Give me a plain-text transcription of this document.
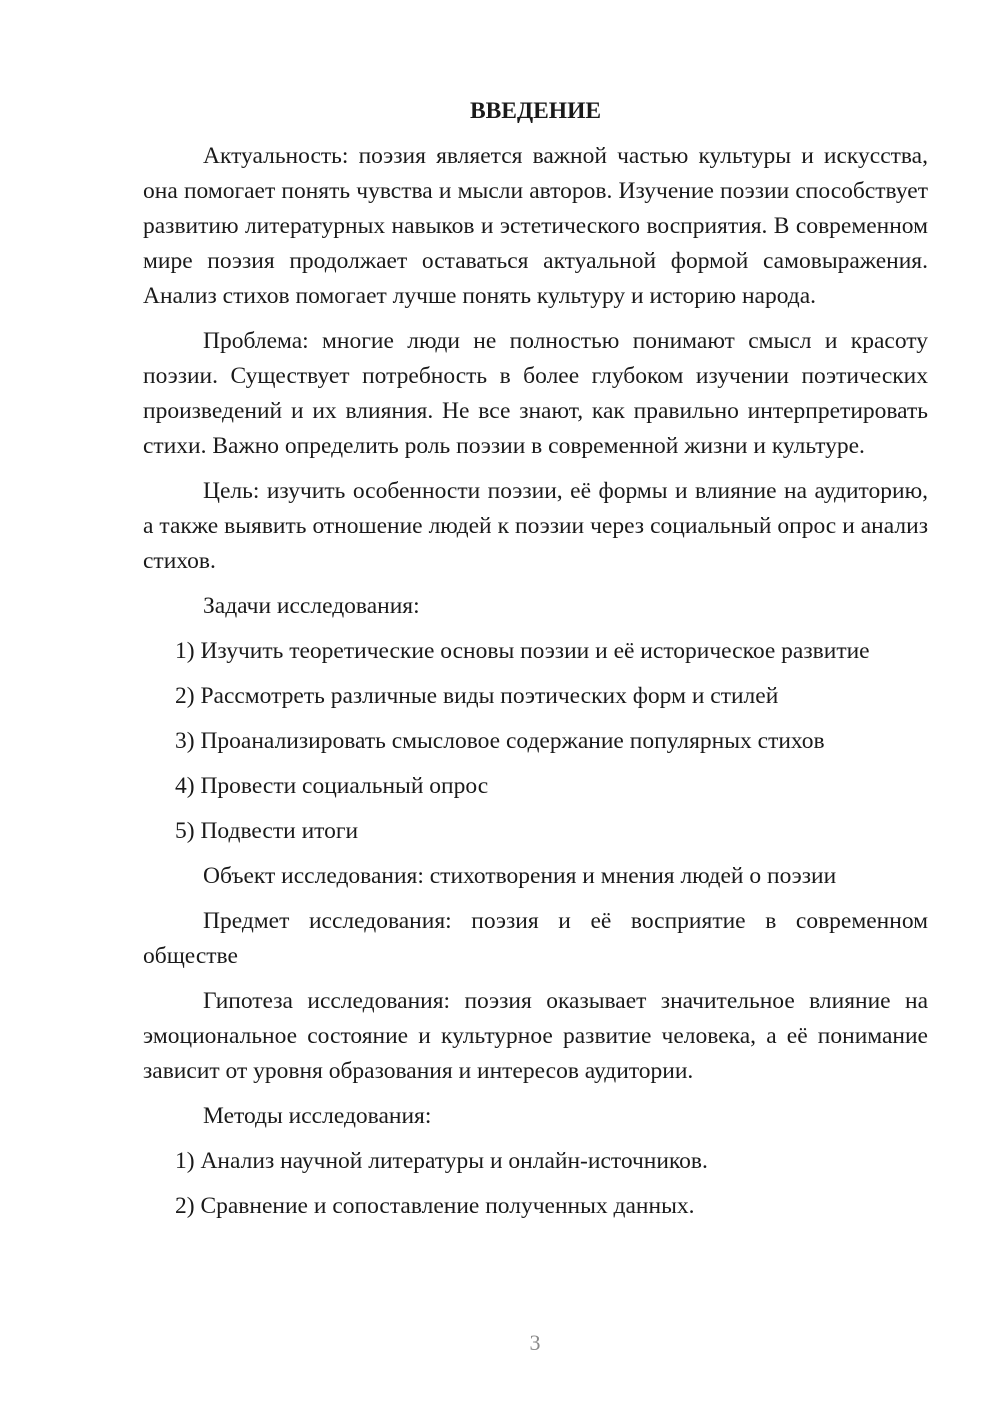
ВВЕДЕНИЕ

Актуальность: поэзия является важной частью культуры и искусства, она помогает понять чувства и мысли авторов. Изучение поэзии способствует развитию литературных навыков и эстетического восприятия. В современном мире поэзия продолжает оставаться актуальной формой самовыражения. Анализ стихов помогает лучше понять культуру и историю народа.

Проблема: многие люди не полностью понимают смысл и красоту поэзии. Существует потребность в более глубоком изучении поэтических произведений и их влияния. Не все знают, как правильно интерпретировать стихи. Важно определить роль поэзии в современной жизни и культуре.

Цель: изучить особенности поэзии, её формы и влияние на аудиторию, а также выявить отношение людей к поэзии через социальный опрос и анализ стихов.

Задачи исследования:
1) Изучить теоретические основы поэзии и её историческое развитие
2) Рассмотреть различные виды поэтических форм и стилей
3) Проанализировать смысловое содержание популярных стихов
4) Провести социальный опрос
5) Подвести итоги

Объект исследования: стихотворения и мнения людей о поэзии

Предмет исследования: поэзия и её восприятие в современном обществе

Гипотеза исследования: поэзия оказывает значительное влияние на эмоциональное состояние и культурное развитие человека, а её понимание зависит от уровня образования и интересов аудитории.

Методы исследования:
1) Анализ научной литературы и онлайн-источников.
2) Сравнение и сопоставление полученных данных.
3
